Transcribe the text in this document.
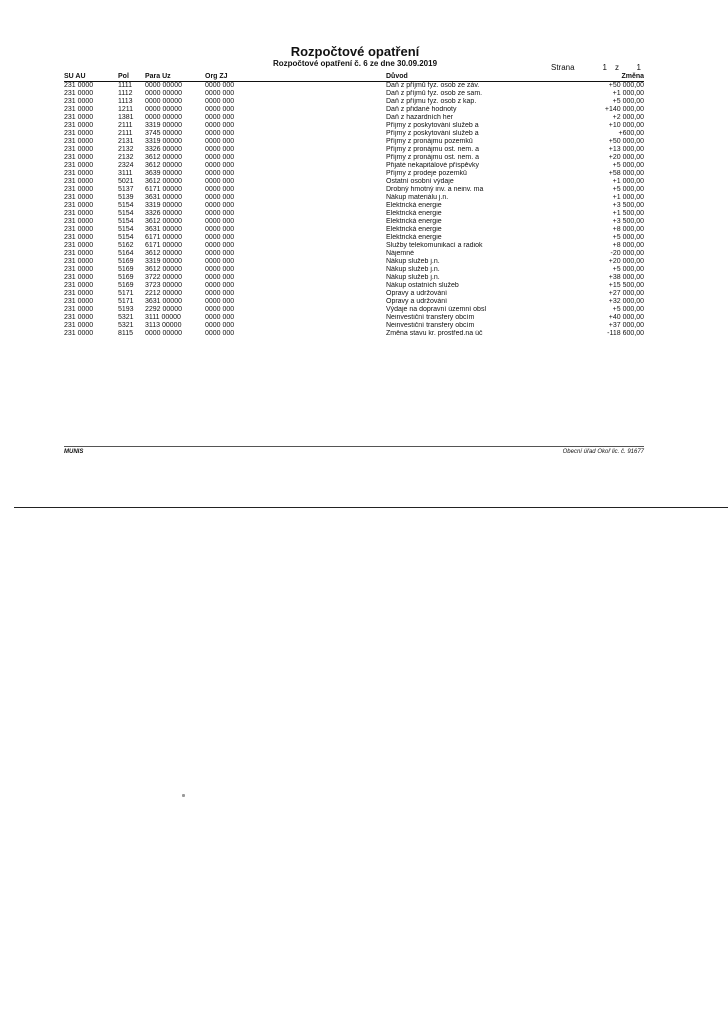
Rozpočtové opatření
Rozpočtové opatření č. 6 ze dne 30.09.2019	Strana	1	z	1
SU AU	Pol	Para Uz	Org ZJ	Důvod	Změna
231 0000	1111	0000 00000	0000 000	Daň z příjmů fyz. osob ze záv.	+50 000,00
231 0000	1112	0000 00000	0000 000	Daň z příjmů fyz. osob ze sam.	+1 000,00
231 0000	1113	0000 00000	0000 000	Daň z příjmu fyz. osob z kap.	+5 000,00
231 0000	1211	0000 00000	0000 000	Daň z přidané hodnoty	+140 000,00
231 0000	1381	0000 00000	0000 000	Daň z hazardních her	+2 000,00
231 0000	2111	3319 00000	0000 000	Příjmy z poskytování služeb a	+10 000,00
231 0000	2111	3745 00000	0000 000	Příjmy z poskytování služeb a	+600,00
231 0000	2131	3319 00000	0000 000	Příjmy z pronájmu pozemků	+50 000,00
231 0000	2132	3326 00000	0000 000	Příjmy z pronájmu ost. nem. a	+13 000,00
231 0000	2132	3612 00000	0000 000	Příjmy z pronájmu ost. nem. a	+20 000,00
231 0000	2324	3612 00000	0000 000	Přijaté nekapitálové příspěvky	+5 000,00
231 0000	3111	3639 00000	0000 000	Příjmy z prodeje pozemků	+58 000,00
231 0000	5021	3612 00000	0000 000	Ostatní osobní výdaje	+1 000,00
231 0000	5137	6171 00000	0000 000	Drobný hmotný inv. a neinv. ma	+5 000,00
231 0000	5139	3631 00000	0000 000	Nákup materiálu j.n.	+1 000,00
231 0000	5154	3319 00000	0000 000	Elektrická energie	+3 500,00
231 0000	5154	3326 00000	0000 000	Elektrická energie	+1 500,00
231 0000	5154	3612 00000	0000 000	Elektrická energie	+3 500,00
231 0000	5154	3631 00000	0000 000	Elektrická energie	+8 000,00
231 0000	5154	6171 00000	0000 000	Elektrická energie	+5 000,00
231 0000	5162	6171 00000	0000 000	Služby telekomunikací a radiok	+8 000,00
231 0000	5164	3612 00000	0000 000	Nájemné	-20 000,00
231 0000	5169	3319 00000	0000 000	Nákup služeb j.n.	+20 000,00
231 0000	5169	3612 00000	0000 000	Nákup služeb j.n.	+5 000,00
231 0000	5169	3722 00000	0000 000	Nákup služeb j.n.	+38 000,00
231 0000	5169	3723 00000	0000 000	Nákup ostatních služeb	+15 500,00
231 0000	5171	2212 00000	0000 000	Opravy a udržování	+27 000,00
231 0000	5171	3631 00000	0000 000	Opravy a udržování	+32 000,00
231 0000	5193	2292 00000	0000 000	Výdaje na dopravní územní obsl	+5 000,00
231 0000	5321	3111 00000	0000 000	Neinvestiční transfery obcím	+40 000,00
231 0000	5321	3113 00000	0000 000	Neinvestiční transfery obcím	+37 000,00
231 0000	8115	0000 00000	0000 000	Změna stavu kr. prostřed.na úč	-118 600,00
MUNIS	Obecní úřad Okoř lic. č. 91677
